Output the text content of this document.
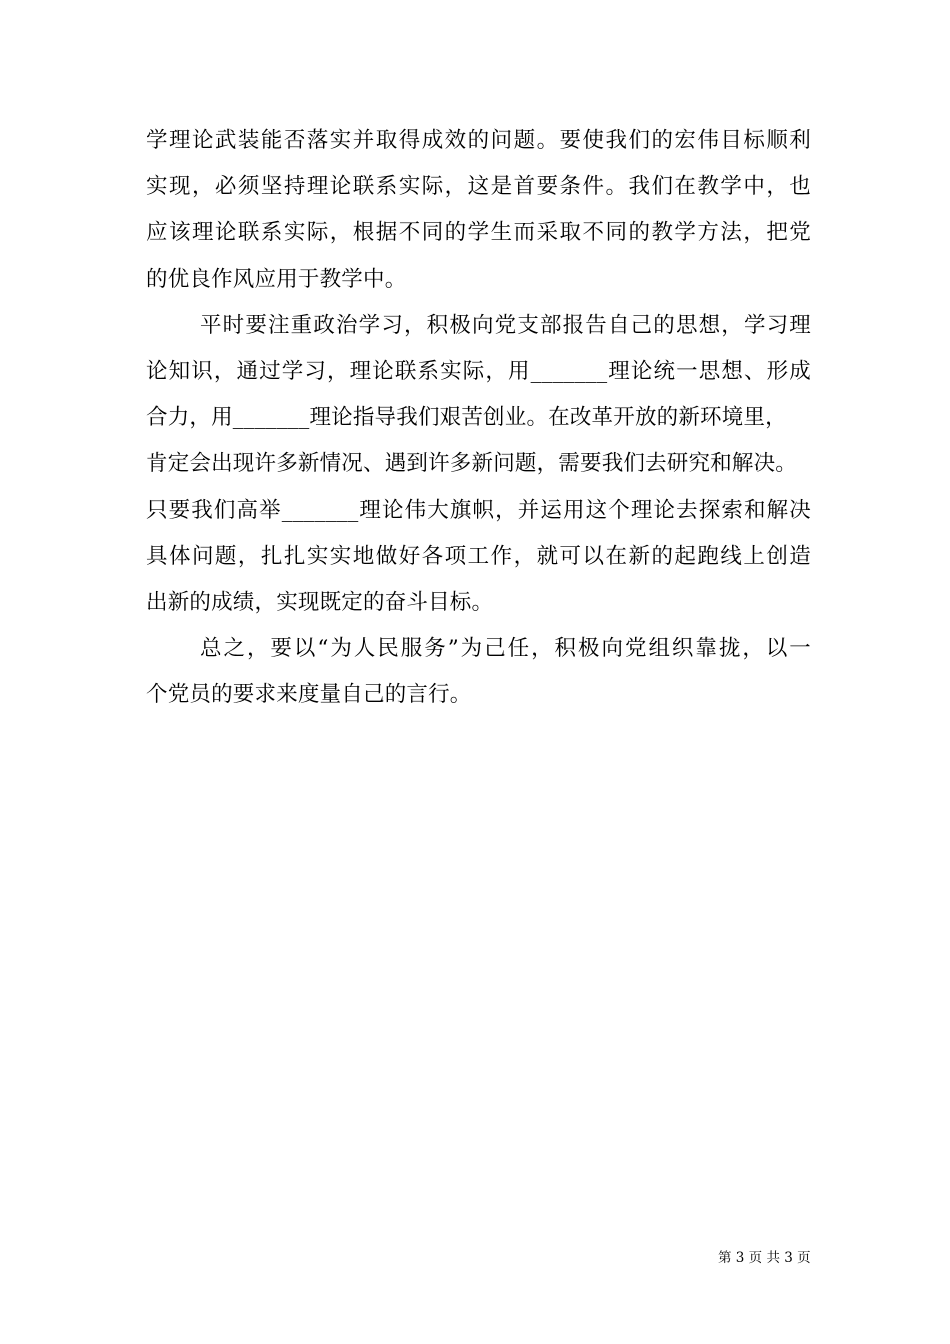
学理论武装能否落实并取得成效的问题。要使我们的宏伟目标顺利
实现，必须坚持理论联系实际，这是首要条件。我们在教学中，也
应该理论联系实际，根据不同的学生而采取不同的教学方法，把党
的优良作风应用于教学中。
平时要注重政治学习，积极向党支部报告自己的思想，学习理
论知识，通过学习，理论联系实际，用_______理论统一思想、形成
合力，用_______理论指导我们艰苦创业。在改革开放的新环境里，
肯定会出现许多新情况、遇到许多新问题，需要我们去研究和解决。
只要我们高举_______理论伟大旗帜，并运用这个理论去探索和解决
具体问题，扎扎实实地做好各项工作，就可以在新的起跑线上创造
出新的成绩，实现既定的奋斗目标。
总之，要以“为人民服务”为己任，积极向党组织靠拢，以一
个党员的要求来度量自己的言行。
第 3 页 共 3 页
